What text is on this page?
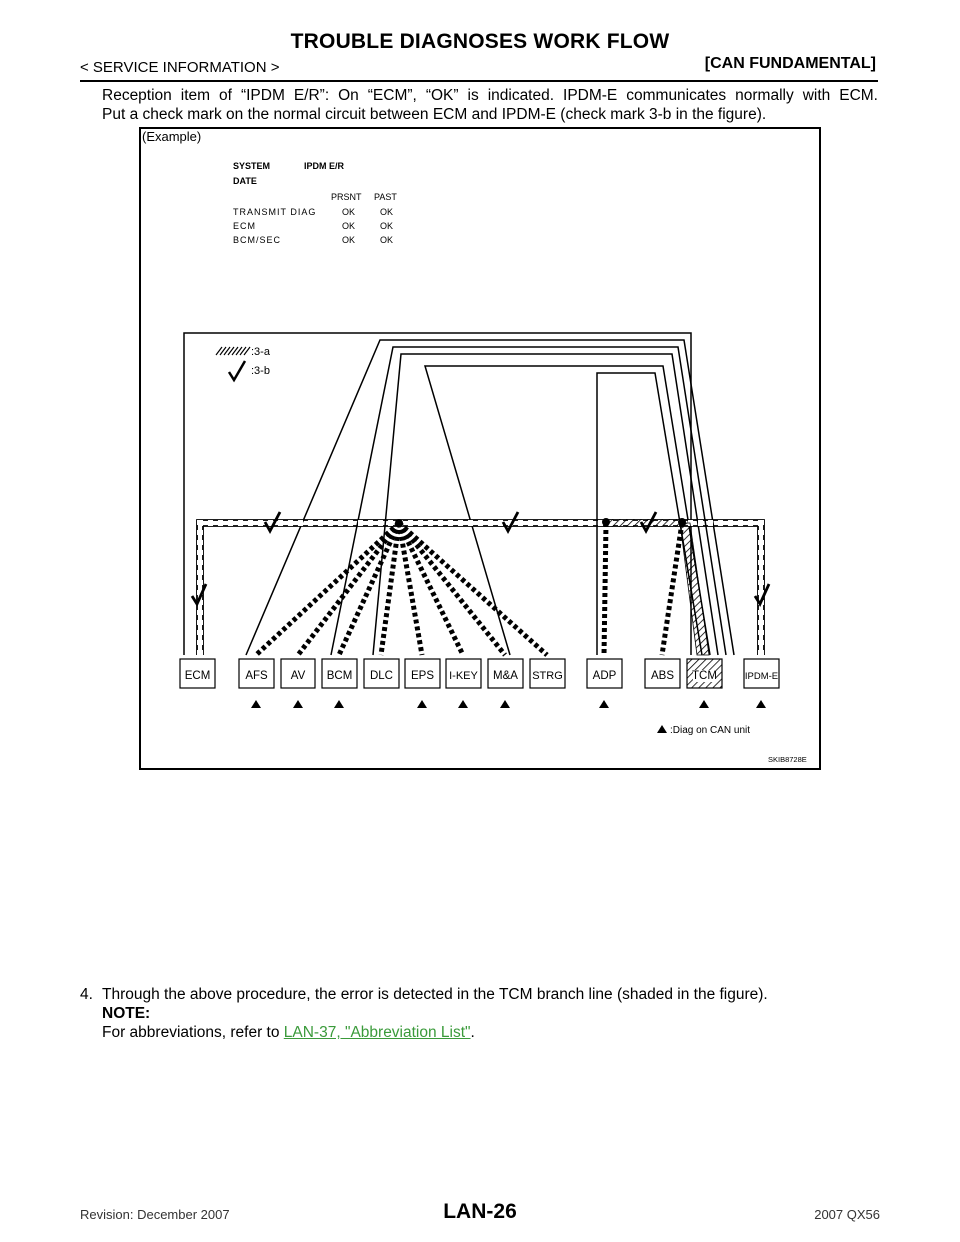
TROUBLE DIAGNOSES WORK FLOW
< SERVICE INFORMATION >	[CAN FUNDAMENTAL]
Reception item of “IPDM E/R”: On “ECM”, “OK” is indicated. IPDM-E communicates normally with ECM.
Put a check mark on the normal circuit between ECM and IPDM-E (check mark 3-b in the figure).
(Example)
SYSTEM	IPDM E/R
DATE
PRSNT PAST
TRANSMIT DIAG	OK	OK
ECM	OK	OK
BCM/SEC	OK	OK
:3-a
:3-b
ECM	AFS AV BCM DLC EPS I-KEY M&A STRG	ADP	ABS TCM	IPDM-E
:Diag on CAN unit
SKIB8728E
4. Through the above procedure, the error is detected in the TCM branch line (shaded in the figure).
NOTE:
For abbreviations, refer to LAN-37, "Abbreviation List".
Revision: December 2007	LAN-26	2007 QX56
